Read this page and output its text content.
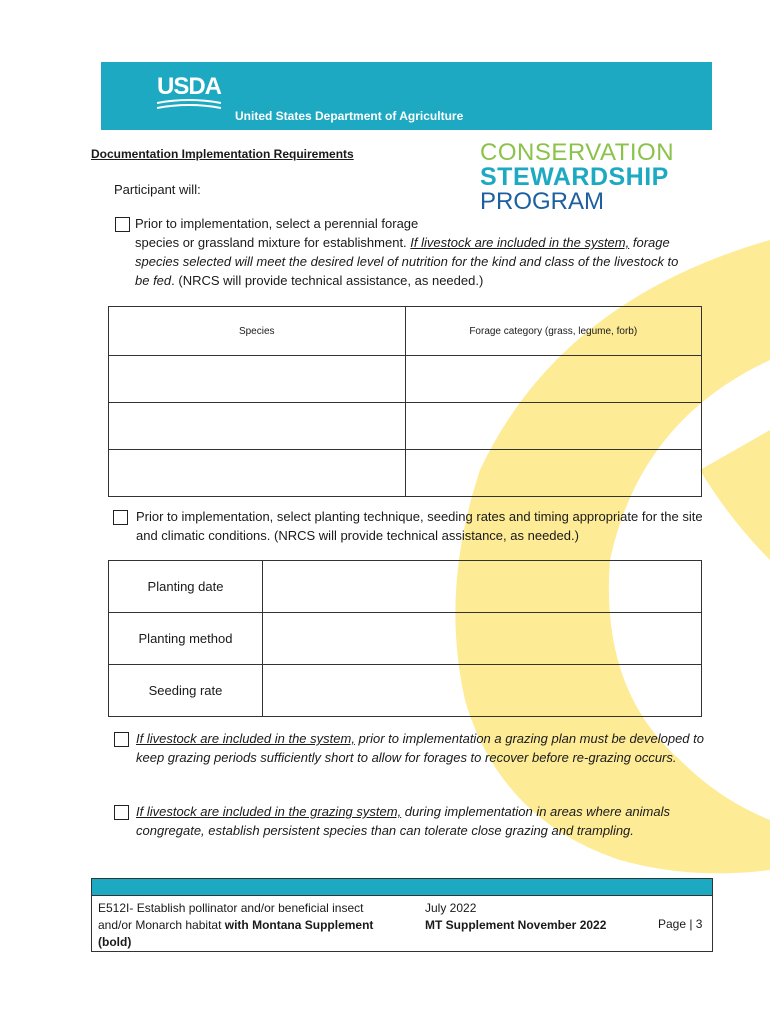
USDA
United States Department of Agriculture
Documentation Implementation Requirements	CONSERVATION
STEWARDSHIP
PROGRAM
Participant will:
Prior to implementation, select a perennial forage
species or grassland mixture for establishment. If livestock are included in the system, forage species selected will meet the desired level of nutrition for the kind and class of the livestock to be fed. (NRCS will provide technical assistance, as needed.)
Species	Forage category (grass, legume, forb)

Prior to implementation, select planting technique, seeding rates and timing appropriate for the site and climatic conditions. (NRCS will provide technical assistance, as needed.)
Planting date	
Planting method	
Seeding rate	
If livestock are included in the system, prior to implementation a grazing plan must be developed to keep grazing periods sufficiently short to allow for forages to recover before re-grazing occurs.
If livestock are included in the grazing system, during implementation in areas where animals congregate, establish persistent species than can tolerate close grazing and trampling.
E512I- Establish pollinator and/or beneficial insect and/or Monarch habitat with Montana Supplement (bold)
July 2022
MT Supplement November 2022	Page | 3
